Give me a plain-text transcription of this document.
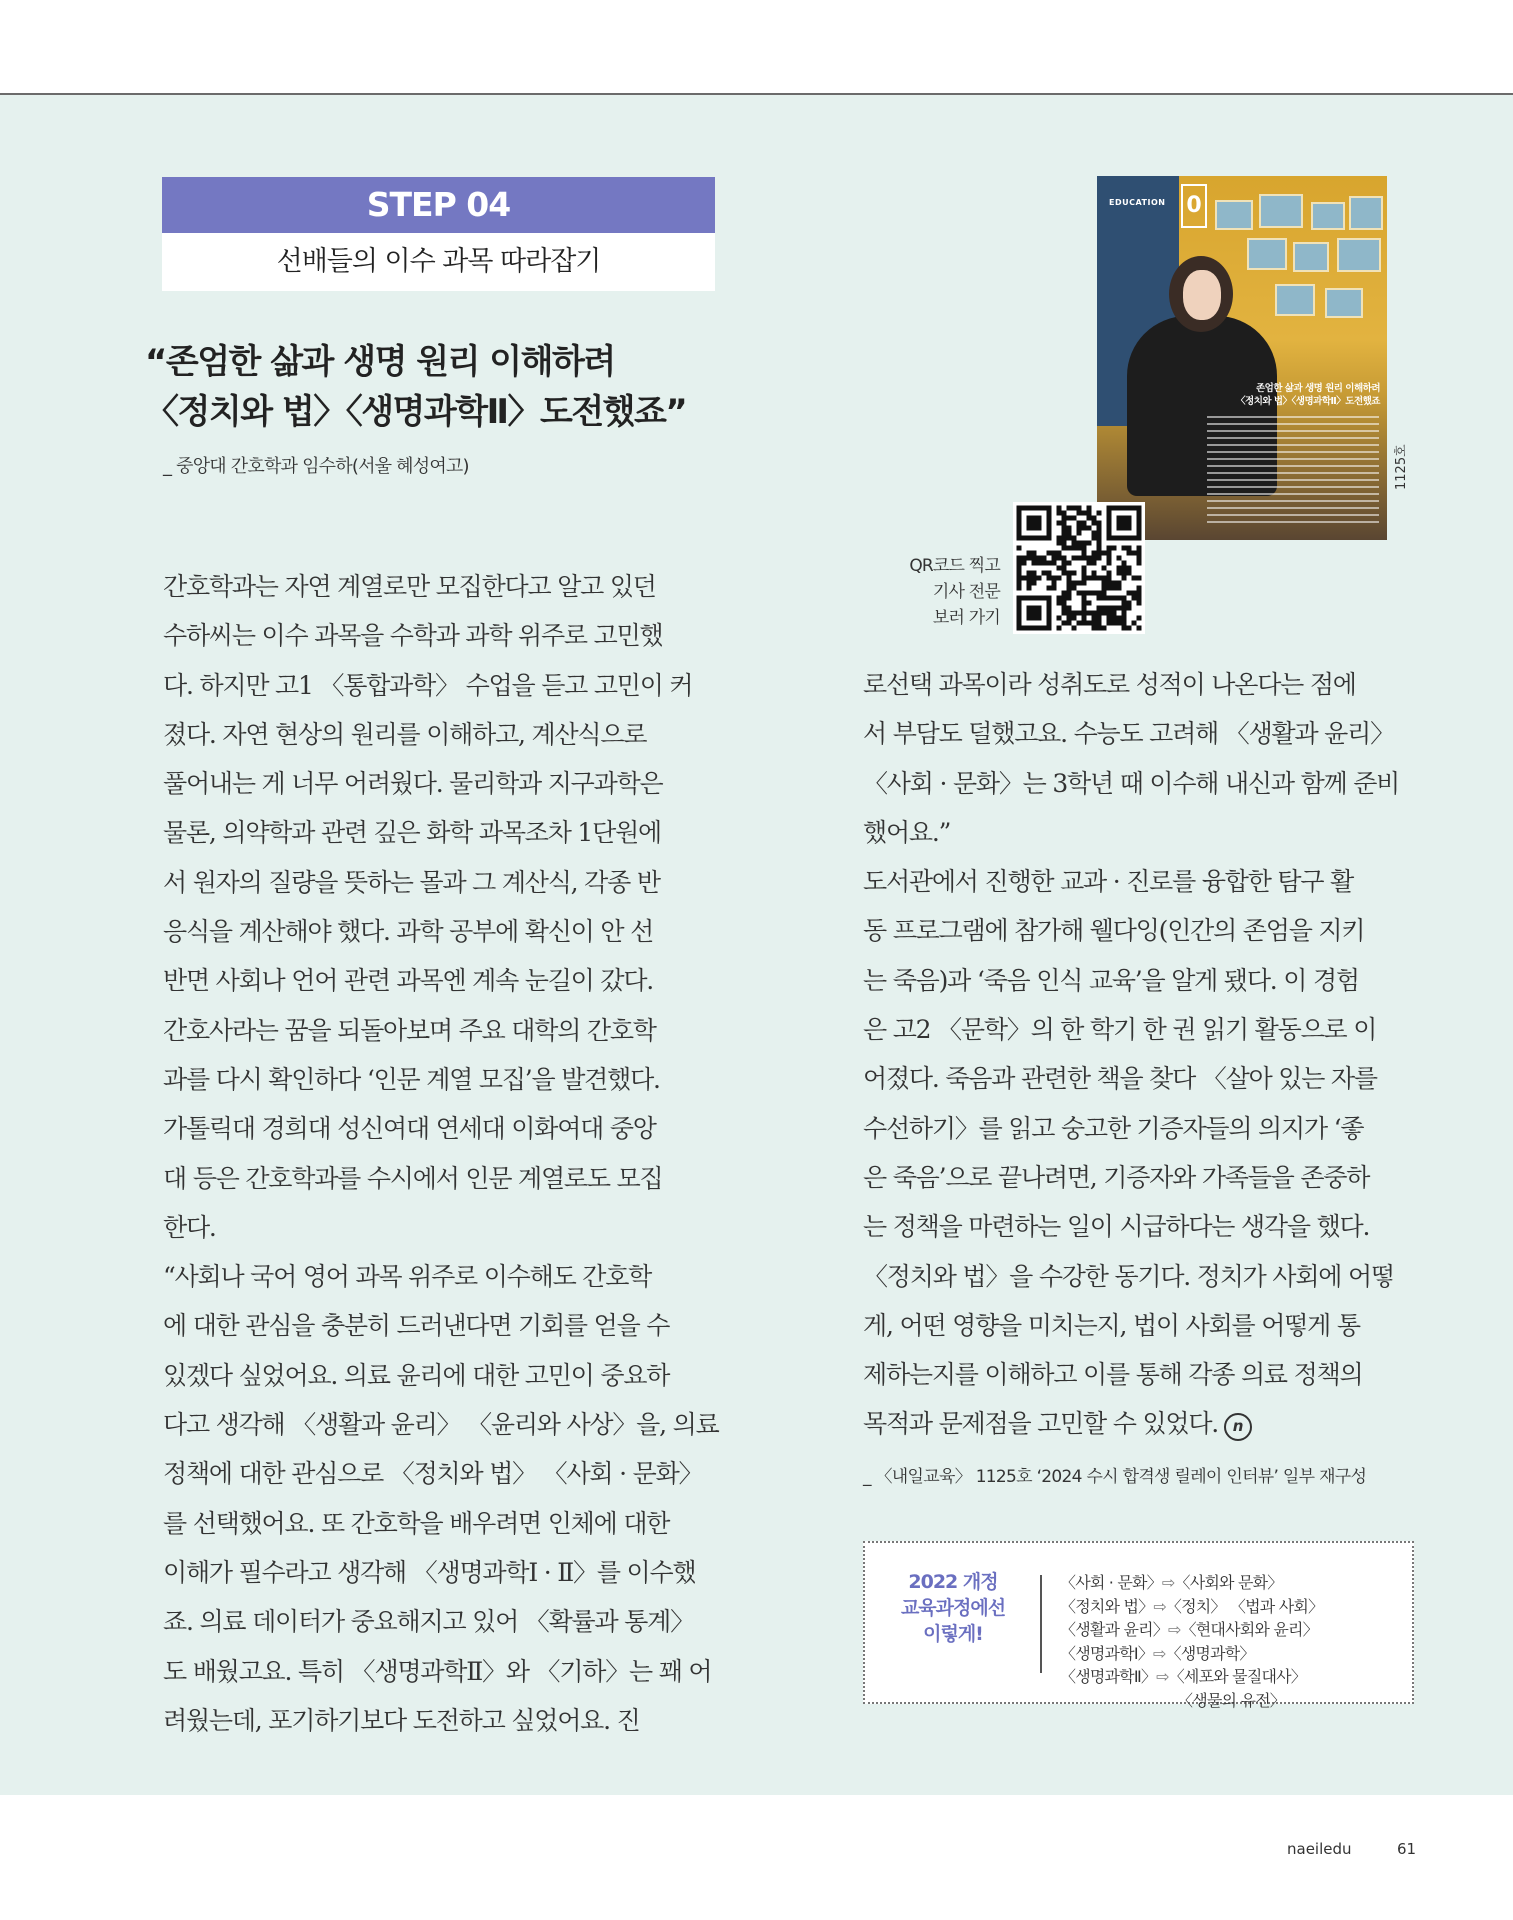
STEP 04
선배들의 이수 과목 따라잡기
“존엄한 삶과 생명 원리 이해하려
〈정치와 법〉〈생명과학Ⅱ〉도전했죠”
_ 중앙대 간호학과 임수하(서울 혜성여고)
EDUCATION 0
존엄한 삶과 생명 원리 이해하려
〈정치와 법〉〈생명과학Ⅱ〉도전했죠
1125호
QR코드 찍고
기사 전문
보러 가기
간호학과는 자연 계열로만 모집한다고 알고 있던
수하씨는 이수 과목을 수학과 과학 위주로 고민했
다. 하지만 고1 〈통합과학〉 수업을 듣고 고민이 커
졌다. 자연 현상의 원리를 이해하고, 계산식으로
풀어내는 게 너무 어려웠다. 물리학과 지구과학은
물론, 의약학과 관련 깊은 화학 과목조차 1단원에
서 원자의 질량을 뜻하는 몰과 그 계산식, 각종 반
응식을 계산해야 했다. 과학 공부에 확신이 안 선
반면 사회나 언어 관련 과목엔 계속 눈길이 갔다.
간호사라는 꿈을 되돌아보며 주요 대학의 간호학
과를 다시 확인하다 ‘인문 계열 모집’을 발견했다.
가톨릭대 경희대 성신여대 연세대 이화여대 중앙
대 등은 간호학과를 수시에서 인문 계열로도 모집
한다.
“사회나 국어 영어 과목 위주로 이수해도 간호학
에 대한 관심을 충분히 드러낸다면 기회를 얻을 수
있겠다 싶었어요. 의료 윤리에 대한 고민이 중요하
다고 생각해 〈생활과 윤리〉 〈윤리와 사상〉을, 의료
정책에 대한 관심으로 〈정치와 법〉 〈사회 · 문화〉
를 선택했어요. 또 간호학을 배우려면 인체에 대한
이해가 필수라고 생각해 〈생명과학Ⅰ · Ⅱ〉를 이수했
죠. 의료 데이터가 중요해지고 있어 〈확률과 통계〉
도 배웠고요. 특히 〈생명과학Ⅱ〉와 〈기하〉는 꽤 어
려웠는데, 포기하기보다 도전하고 싶었어요. 진
로선택 과목이라 성취도로 성적이 나온다는 점에
서 부담도 덜했고요. 수능도 고려해 〈생활과 윤리〉
〈사회 · 문화〉는 3학년 때 이수해 내신과 함께 준비
했어요.”
도서관에서 진행한 교과 · 진로를 융합한 탐구 활
동 프로그램에 참가해 웰다잉(인간의 존엄을 지키
는 죽음)과 ‘죽음 인식 교육’을 알게 됐다. 이 경험
은 고2 〈문학〉의 한 학기 한 권 읽기 활동으로 이
어졌다. 죽음과 관련한 책을 찾다 〈살아 있는 자를
수선하기〉를 읽고 숭고한 기증자들의 의지가 ‘좋
은 죽음’으로 끝나려면, 기증자와 가족들을 존중하
는 정책을 마련하는 일이 시급하다는 생각을 했다.
〈정치와 법〉을 수강한 동기다. 정치가 사회에 어떻
게, 어떤 영향을 미치는지, 법이 사회를 어떻게 통
제하는지를 이해하고 이를 통해 각종 의료 정책의
목적과 문제점을 고민할 수 있었다. n
_ 〈내일교육〉 1125호 ‘2024 수시 합격생 릴레이 인터뷰’ 일부 재구성
2022 개정
교육과정에선
이렇게!
〈사회 · 문화〉⇨〈사회와 문화〉
〈정치와 법〉⇨〈정치〉 〈법과 사회〉
〈생활과 윤리〉⇨〈현대사회와 윤리〉
〈생명과학Ⅰ〉⇨〈생명과학〉
〈생명과학Ⅱ〉⇨〈세포와 물질대사〉
〈생물의 유전〉
naeiledu	61
